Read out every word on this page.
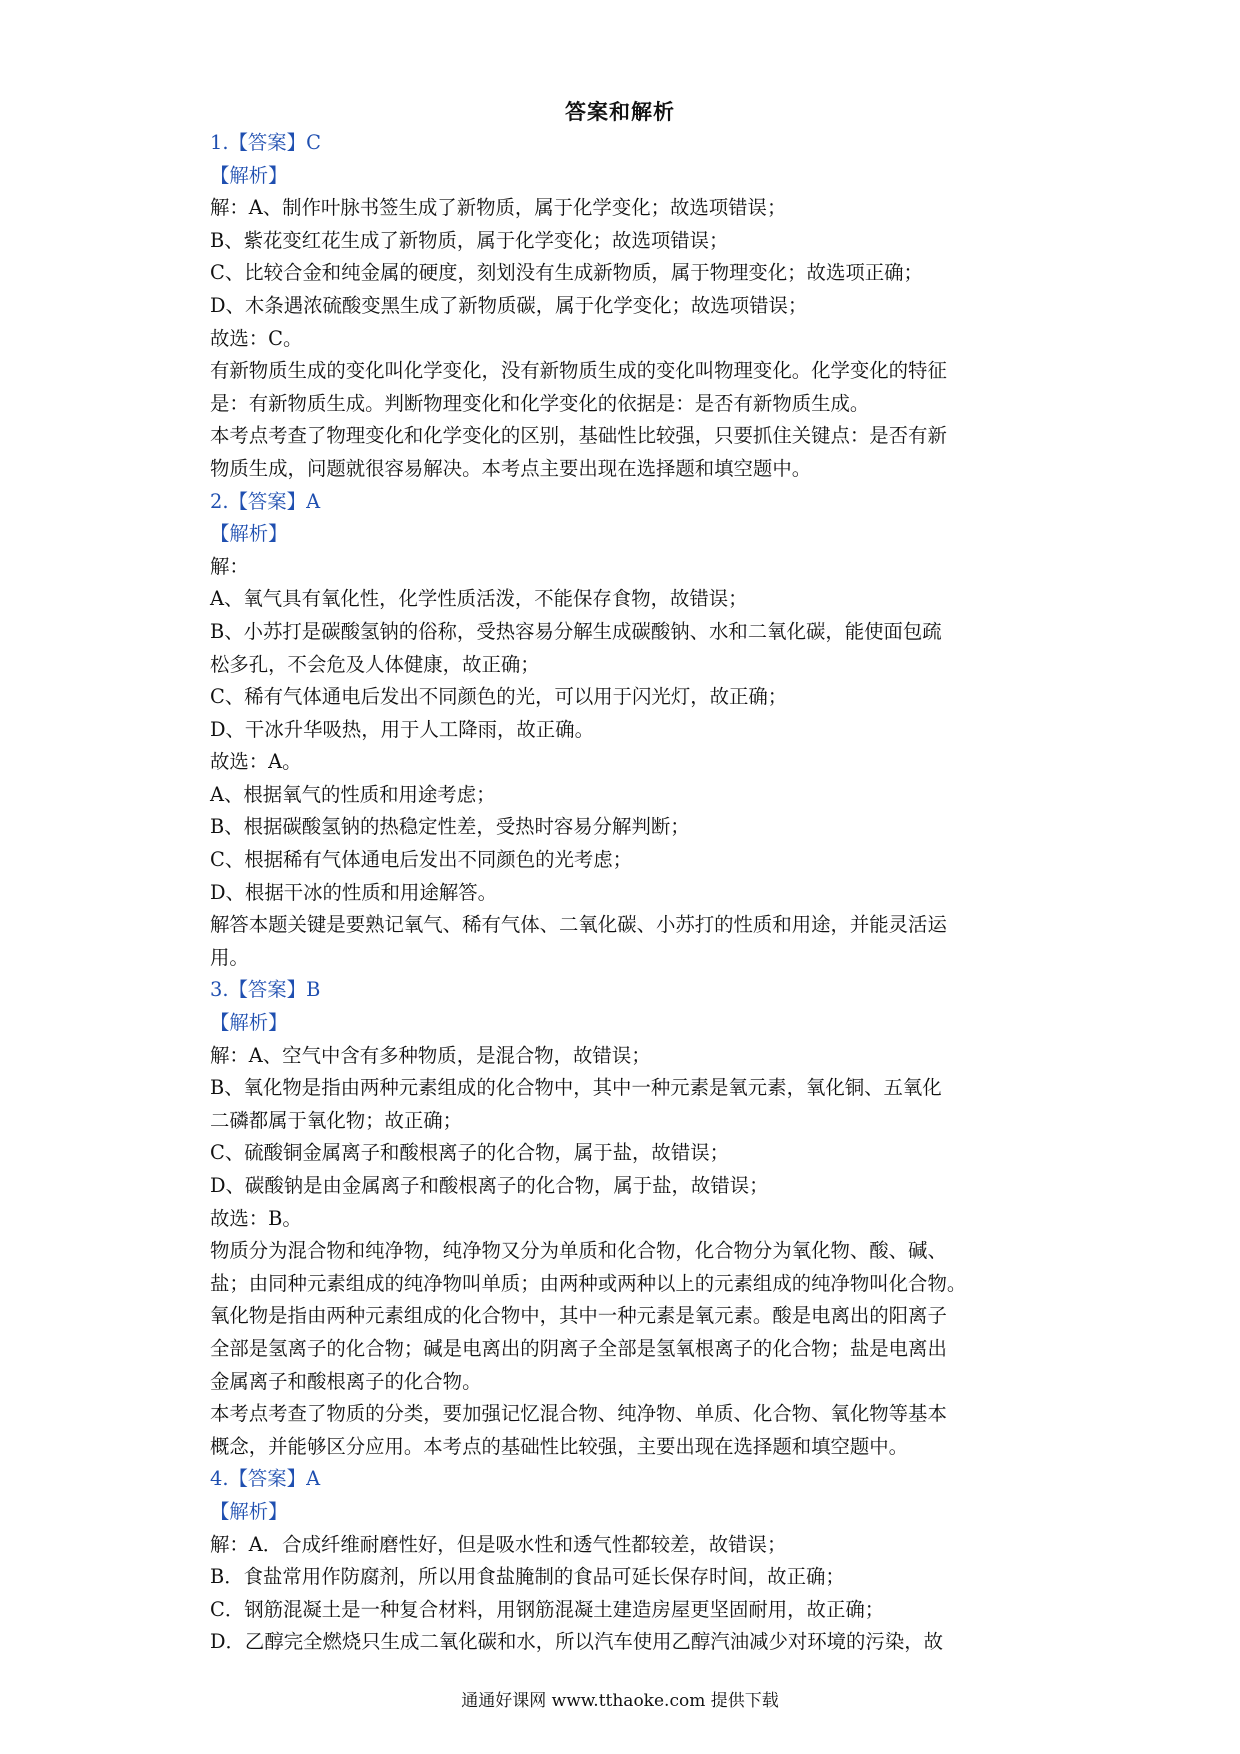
答案和解析
1.【答案】C
【解析】
解：A、制作叶脉书签生成了新物质，属于化学变化；故选项错误；
B、紫花变红花生成了新物质，属于化学变化；故选项错误；
C、比较合金和纯金属的硬度，刻划没有生成新物质，属于物理变化；故选项正确；
D、木条遇浓硫酸变黑生成了新物质碳，属于化学变化；故选项错误；
故选：C。
有新物质生成的变化叫化学变化，没有新物质生成的变化叫物理变化。化学变化的特征
是：有新物质生成。判断物理变化和化学变化的依据是：是否有新物质生成。
本考点考查了物理变化和化学变化的区别，基础性比较强，只要抓住关键点：是否有新
物质生成，问题就很容易解决。本考点主要出现在选择题和填空题中。
2.【答案】A
【解析】
解：
A、氧气具有氧化性，化学性质活泼，不能保存食物，故错误；
B、小苏打是碳酸氢钠的俗称，受热容易分解生成碳酸钠、水和二氧化碳，能使面包疏
松多孔，不会危及人体健康，故正确；
C、稀有气体通电后发出不同颜色的光，可以用于闪光灯，故正确；
D、干冰升华吸热，用于人工降雨，故正确。
故选：A。
A、根据氧气的性质和用途考虑；
B、根据碳酸氢钠的热稳定性差，受热时容易分解判断；
C、根据稀有气体通电后发出不同颜色的光考虑；
D、根据干冰的性质和用途解答。
解答本题关键是要熟记氧气、稀有气体、二氧化碳、小苏打的性质和用途，并能灵活运
用。
3.【答案】B
【解析】
解：A、空气中含有多种物质，是混合物，故错误；
B、氧化物是指由两种元素组成的化合物中，其中一种元素是氧元素，氧化铜、五氧化
二磷都属于氧化物；故正确；
C、硫酸铜金属离子和酸根离子的化合物，属于盐，故错误；
D、碳酸钠是由金属离子和酸根离子的化合物，属于盐，故错误；
故选：B。
物质分为混合物和纯净物，纯净物又分为单质和化合物，化合物分为氧化物、酸、碱、
盐；由同种元素组成的纯净物叫单质；由两种或两种以上的元素组成的纯净物叫化合物。
氧化物是指由两种元素组成的化合物中，其中一种元素是氧元素。酸是电离出的阳离子
全部是氢离子的化合物；碱是电离出的阴离子全部是氢氧根离子的化合物；盐是电离出
金属离子和酸根离子的化合物。
本考点考查了物质的分类，要加强记忆混合物、纯净物、单质、化合物、氧化物等基本
概念，并能够区分应用。本考点的基础性比较强，主要出现在选择题和填空题中。
4.【答案】A
【解析】
解：A．合成纤维耐磨性好，但是吸水性和透气性都较差，故错误；
B．食盐常用作防腐剂，所以用食盐腌制的食品可延长保存时间，故正确；
C．钢筋混凝土是一种复合材料，用钢筋混凝土建造房屋更坚固耐用，故正确；
D．乙醇完全燃烧只生成二氧化碳和水，所以汽车使用乙醇汽油减少对环境的污染，故
通通好课网 www.tthaoke.com 提供下载
